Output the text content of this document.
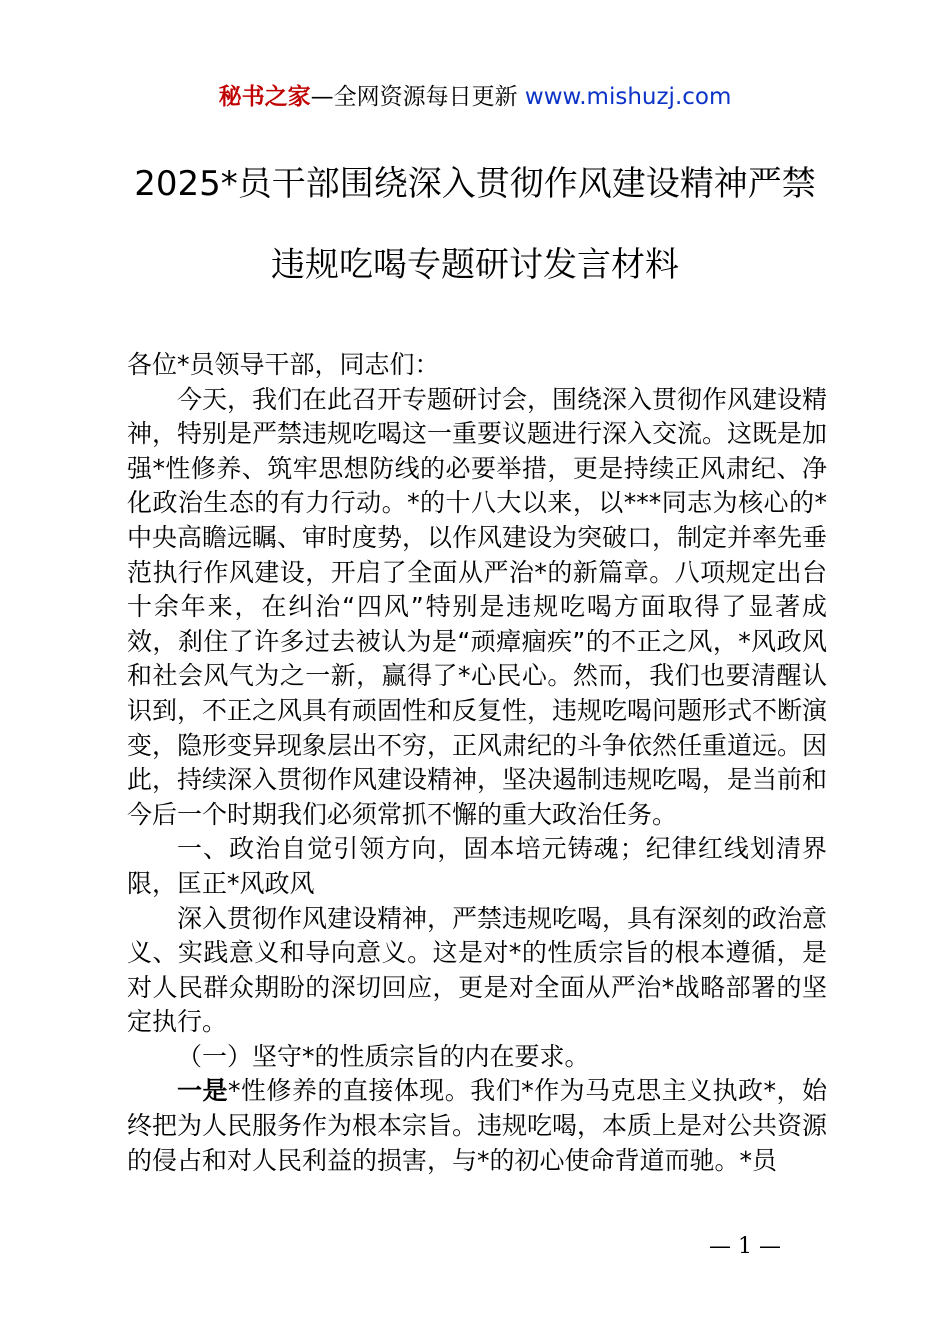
秘书之家—全网资源每日更新 www.mishuzj.com
2025*员干部围绕深入贯彻作风建设精神严禁
违规吃喝专题研讨发言材料

各位*员领导干部，同志们：

今天，我们在此召开专题研讨会，围绕深入贯彻作风建设精神，特别是严禁违规吃喝这一重要议题进行深入交流。这既是加强*性修养、筑牢思想防线的必要举措，更是持续正风肃纪、净化政治生态的有力行动。*的十八大以来，以***同志为核心的*中央高瞻远瞩、审时度势，以作风建设为突破口，制定并率先垂范执行作风建设，开启了全面从严治*的新篇章。八项规定出台十余年来，在纠治“四风”特别是违规吃喝方面取得了显著成效，刹住了许多过去被认为是“顽瘴痼疾”的不正之风，*风政风和社会风气为之一新，赢得了*心民心。然而，我们也要清醒认识到，不正之风具有顽固性和反复性，违规吃喝问题形式不断演变，隐形变异现象层出不穷，正风肃纪的斗争依然任重道远。因此，持续深入贯彻作风建设精神，坚决遏制违规吃喝，是当前和今后一个时期我们必须常抓不懈的重大政治任务。

一、政治自觉引领方向，固本培元铸魂；纪律红线划清界限，匡正*风政风

深入贯彻作风建设精神，严禁违规吃喝，具有深刻的政治意义、实践意义和导向意义。这是对*的性质宗旨的根本遵循，是对人民群众期盼的深切回应，更是对全面从严治*战略部署的坚定执行。

（一）坚守*的性质宗旨的内在要求。

一是*性修养的直接体现。我们*作为马克思主义执政*，始终把为人民服务作为根本宗旨。违规吃喝，本质上是对公共资源的侵占和对人民利益的损害，与*的初心使命背道而驰。*员

— 1 —
